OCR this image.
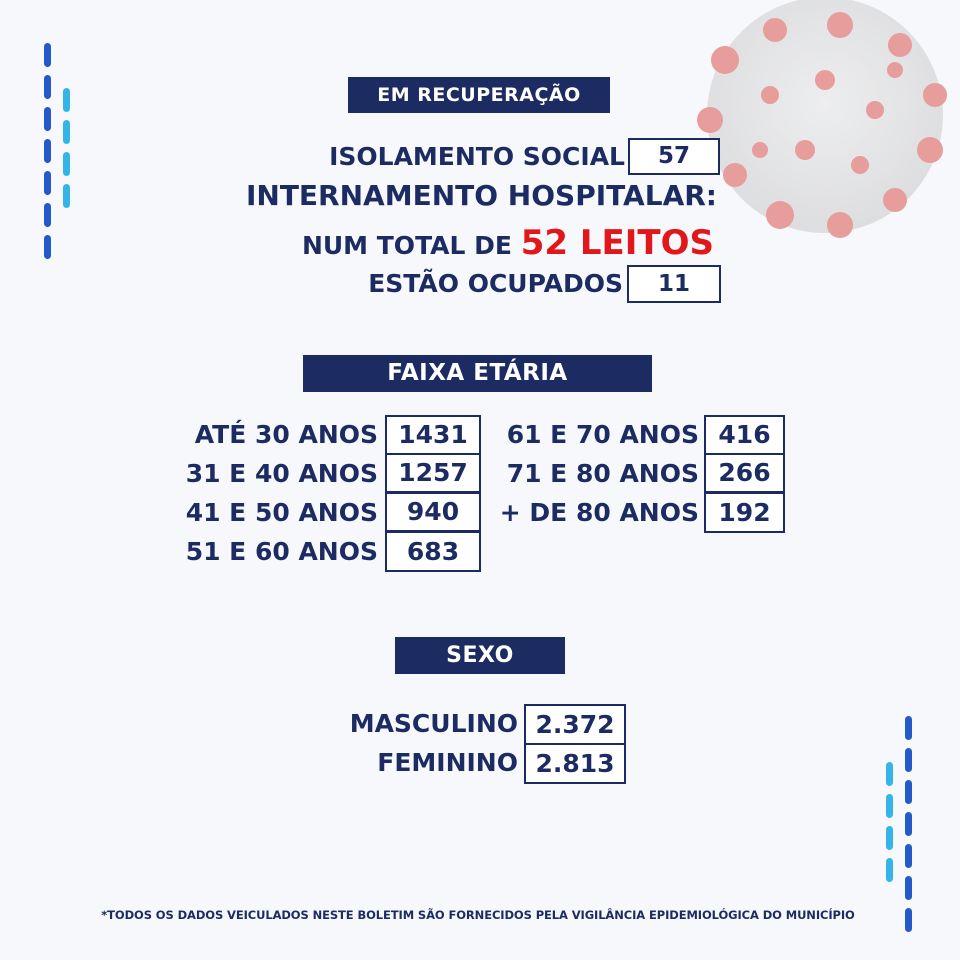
EM RECUPERAÇÃO
ISOLAMENTO SOCIAL	57
INTERNAMENTO HOSPITALAR:
NUM TOTAL DE 52 LEITOS
ESTÃO OCUPADOS	11
FAIXA ETÁRIA
ATÉ 30 ANOS
31 E 40 ANOS
41 E 50 ANOS
51 E 60 ANOS
1431
1257
940
683
61 E 70 ANOS
71 E 80 ANOS
+ DE 80 ANOS
416
266
192
SEXO
MASCULINO 2.372
FEMININO 2.813
*TODOS OS DADOS VEICULADOS NESTE BOLETIM SÃO FORNECIDOS PELA VIGILÂNCIA EPIDEMIOLÓGICA DO MUNICÍPIO
